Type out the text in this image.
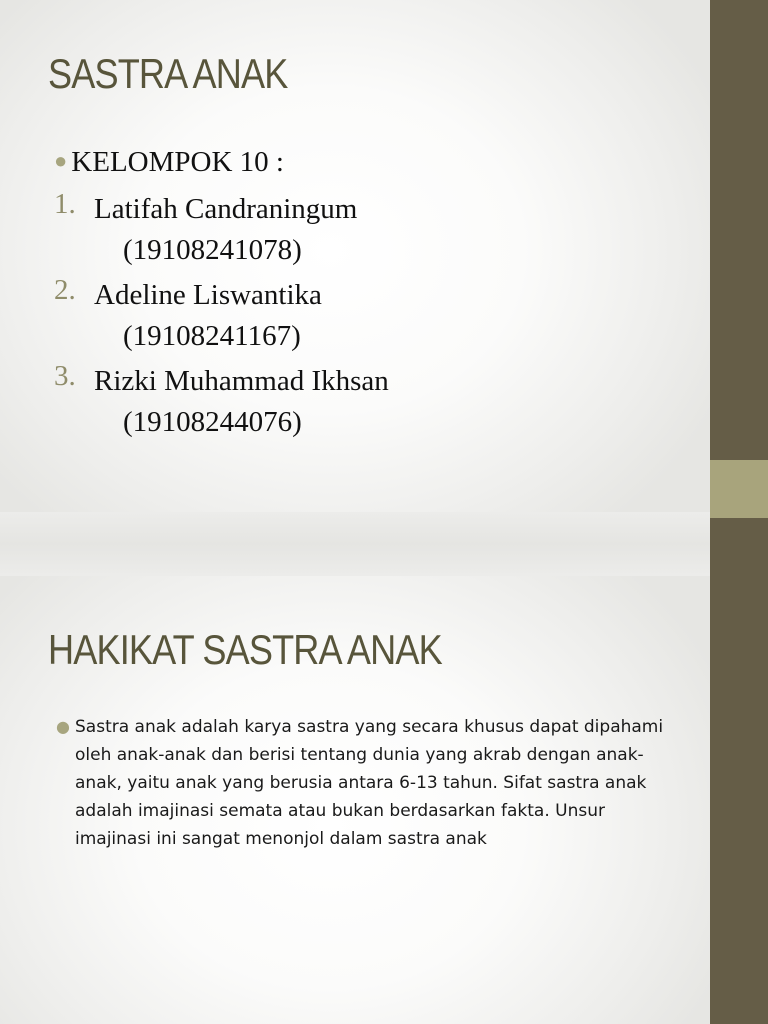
SASTRA ANAK
● KELOMPOK 10 :
1. Latifah Candraningum
(19108241078)
2. Adeline Liswantika
(19108241167)
3. Rizki Muhammad Ikhsan
(19108244076)
HAKIKAT SASTRA ANAK
● Sastra anak adalah karya sastra yang secara khusus dapat dipahami oleh anak-anak dan berisi tentang dunia yang akrab dengan anak-anak, yaitu anak yang berusia antara 6-13 tahun. Sifat sastra anak adalah imajinasi semata atau bukan berdasarkan fakta. Unsur imajinasi ini sangat menonjol dalam sastra anak
